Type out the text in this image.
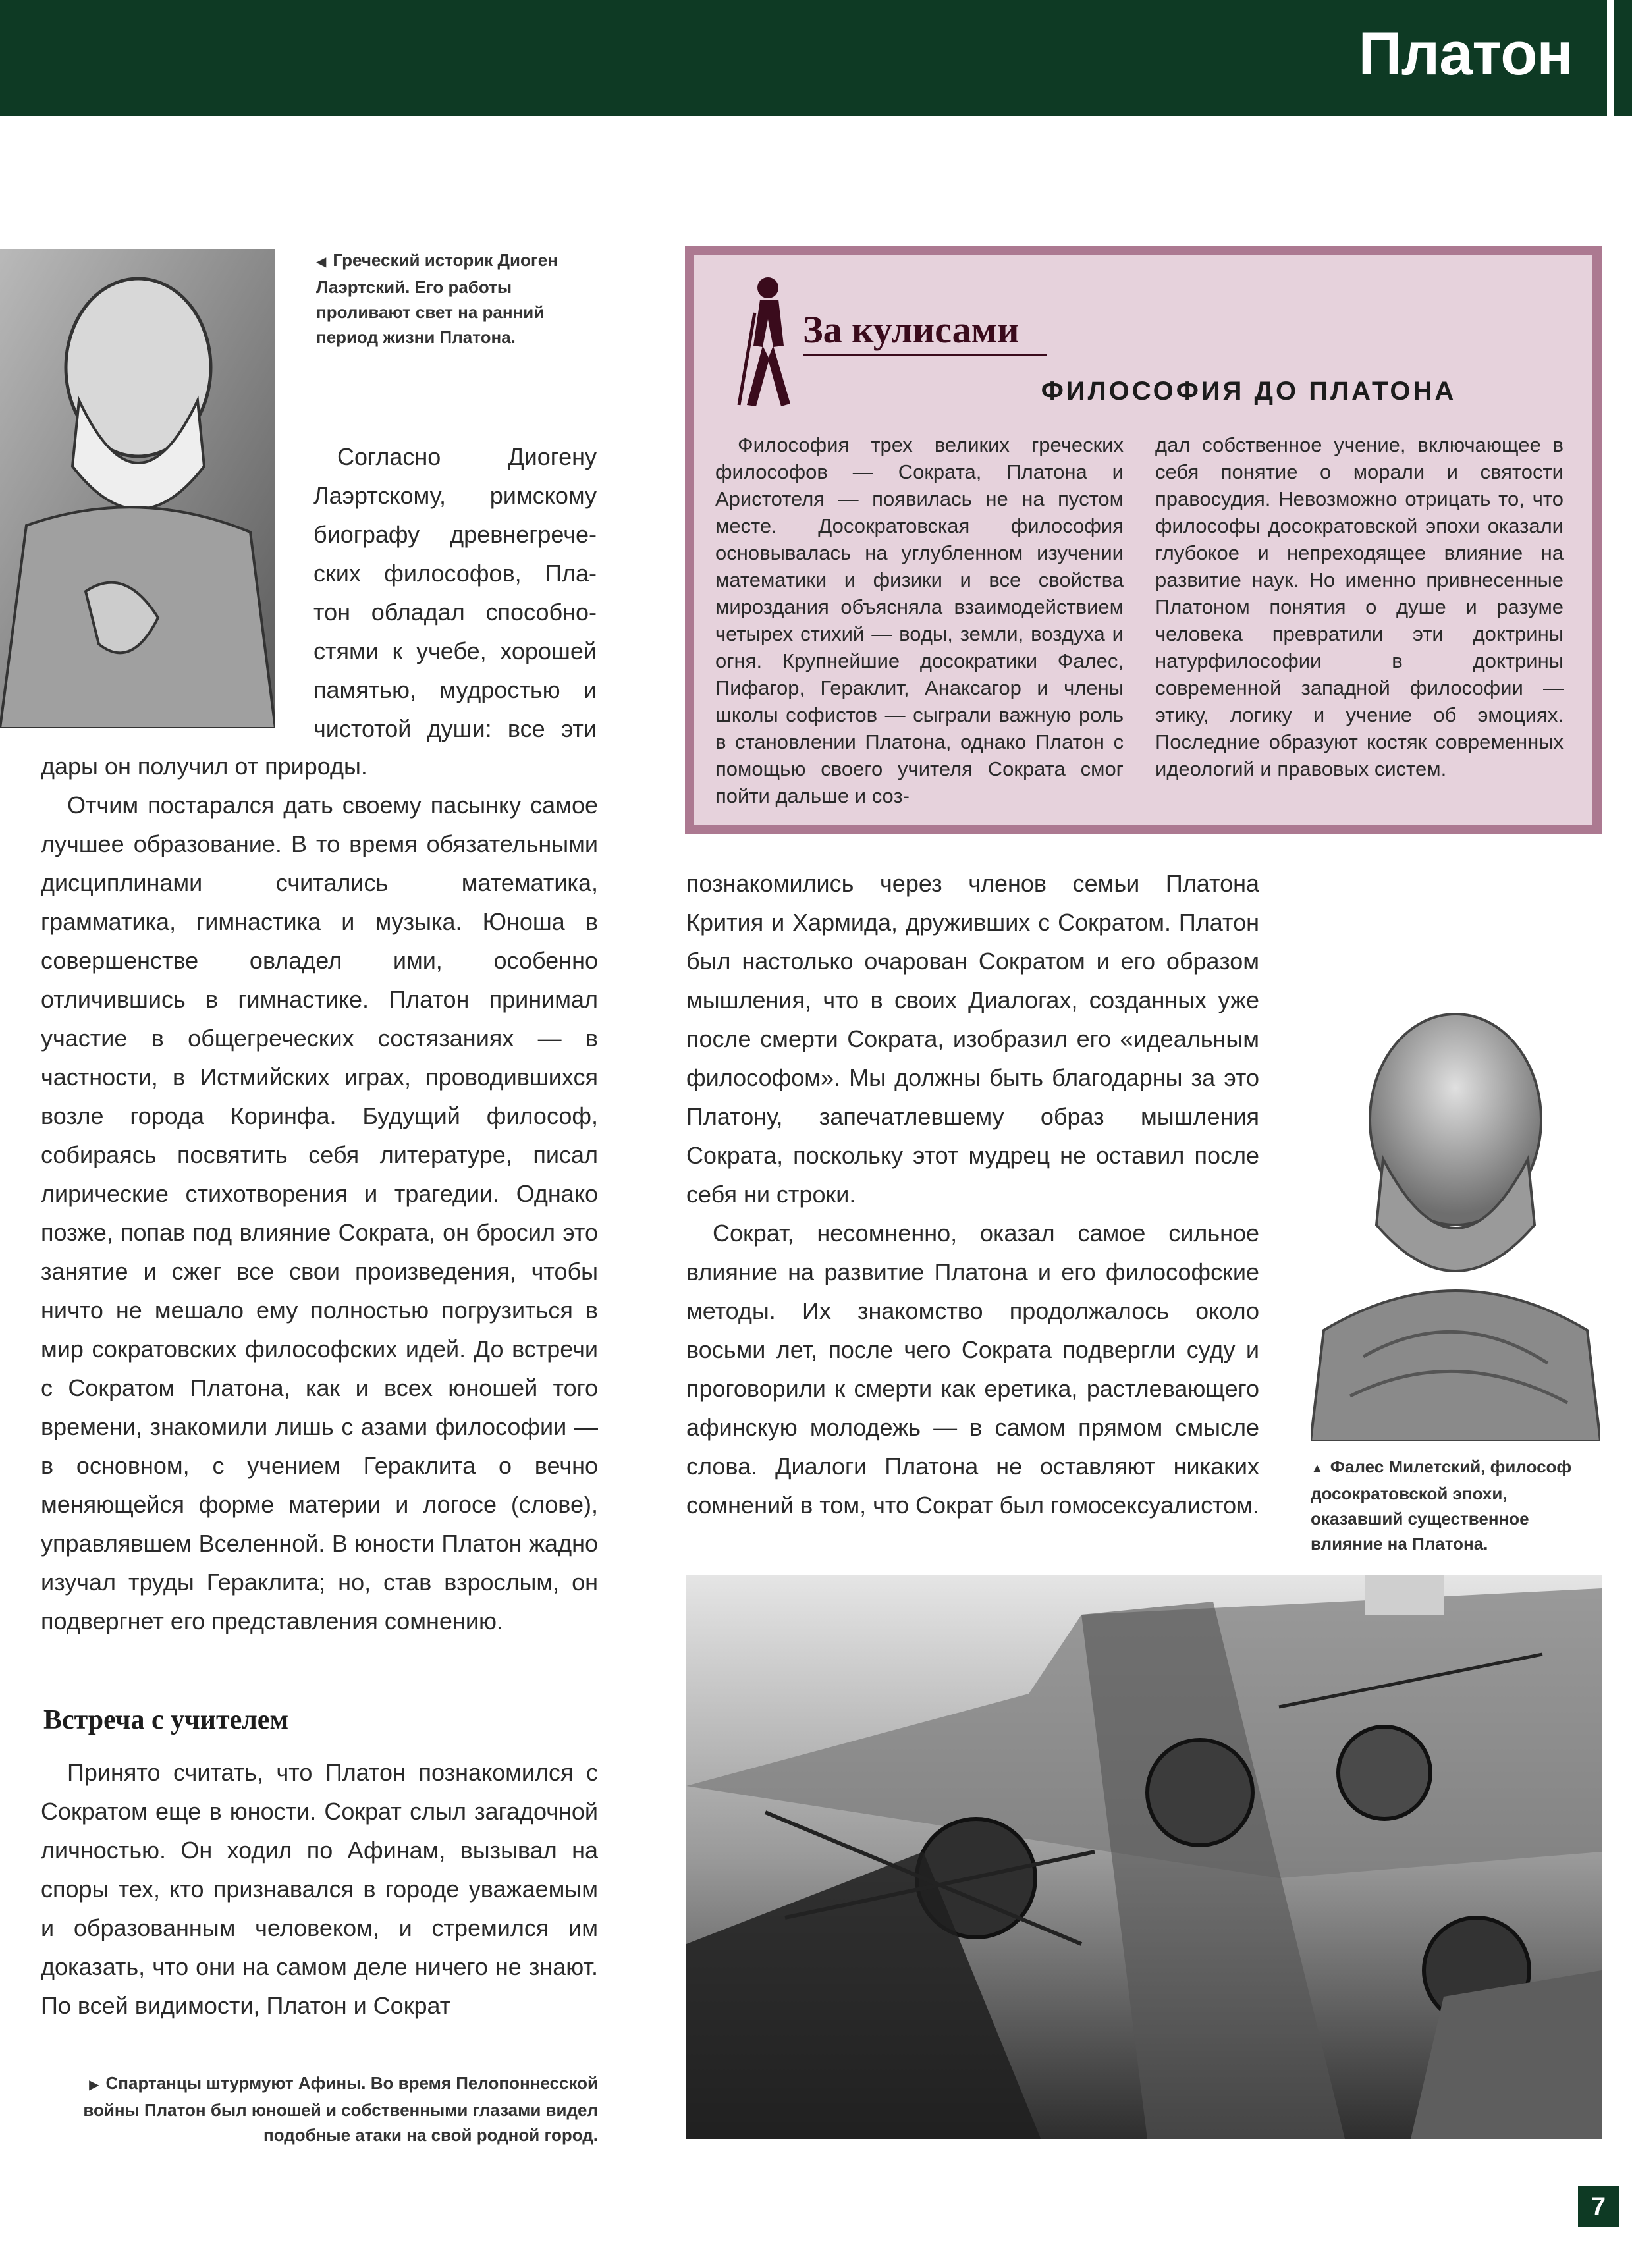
Платон
◀ Греческий историк Диоген Лаэртский. Его работы проливают свет на ранний период жизни Платона.
Согласно Диогену
Лаэртскому, римскому
биографу древнегрече-
ских философов, Пла-
тон обладал способно-
стями к учебе, хорошей
памятью, мудростью и
чистотой души: все эти

дары он получил от природы.

Отчим постарался дать своему пасынку самое лучшее образование. В то время обязательными дисциплинами считались математика, грамматика, гимнастика и музыка. Юноша в совершенстве овладел ими, особенно отличившись в гимнастике. Платон принимал участие в общегреческих состязаниях — в частности, в Истмийских играх, проводившихся возле города Коринфа. Будущий философ, собираясь посвятить себя литературе, писал лирические стихотворения и трагедии. Однако позже, попав под влияние Сократа, он бросил это занятие и сжег все свои произведения, чтобы ничто не мешало ему полностью погрузиться в мир сократовских философских идей. До встречи с Сократом Платона, как и всех юношей того времени, знакомили лишь с азами философии — в основном, с учением Гераклита о вечно меняющейся форме материи и логосе (слове), управлявшем Вселенной. В юности Платон жадно изучал труды Гераклита; но, став взрослым, он подвергнет его представления сомнению.

Встреча с учителем

Принято считать, что Платон познакомился с Сократом еще в юности. Сократ слыл загадочной личностью. Он ходил по Афинам, вызывал на споры тех, кто признавался в городе уважаемым и образованным человеком, и стремился им доказать, что они на самом деле ничего не знают. По всей видимости, Платон и Сократ

▶ Спартанцы штурмуют Афины. Во время Пелопоннесской войны Платон был юношей и собственными глазами видел подобные атаки на свой родной город.
За кулисами
ФИЛОСОФИЯ ДО ПЛАТОНА

Философия трех великих греческих философов — Сократа, Платона и Аристотеля — появилась не на пустом месте. Досократовская философия основывалась на углубленном изучении математики и физики и все свойства мироздания объясняла взаимодействием четырех стихий — воды, земли, воздуха и огня. Крупнейшие досократики Фалес, Пифагор, Гераклит, Анаксагор и члены школы софистов — сыграли важную роль в становлении Платона, однако Платон с помощью своего учителя Сократа смог пойти дальше и соз-

дал собственное учение, включающее в себя понятие о морали и святости правосудия. Невозможно отрицать то, что философы досократовской эпохи оказали глубокое и непреходящее влияние на развитие наук. Но именно привнесенные Платоном понятия о душе и разуме человека превратили эти доктрины натурфилософии в доктрины современной западной философии — этику, логику и учение об эмоциях. Последние образуют костяк современных идеологий и правовых систем.

познакомились через членов семьи Платона Крития и Хармида, друживших с Сократом. Платон был настолько очарован Сократом и его образом мышления, что в своих Диалогах, созданных уже после смерти Сократа, изобразил его «идеальным философом». Мы должны быть благодарны за это Платону, запечатлевшему образ мышления Сократа, поскольку этот мудрец не оставил после себя ни строки.

Сократ, несомненно, оказал самое сильное влияние на развитие Платона и его философские методы. Их знакомство продолжалось около восьми лет, после чего Сократа подвергли суду и проговорили к смерти как еретика, растлевающего афинскую молодежь — в самом прямом смысле слова. Диалоги Платона не оставляют никаких сомнений в том, что Сократ был гомосексуалистом.

▲ Фалес Милетский, философ досократовской эпохи, оказавший существенное влияние на Платона.
7
